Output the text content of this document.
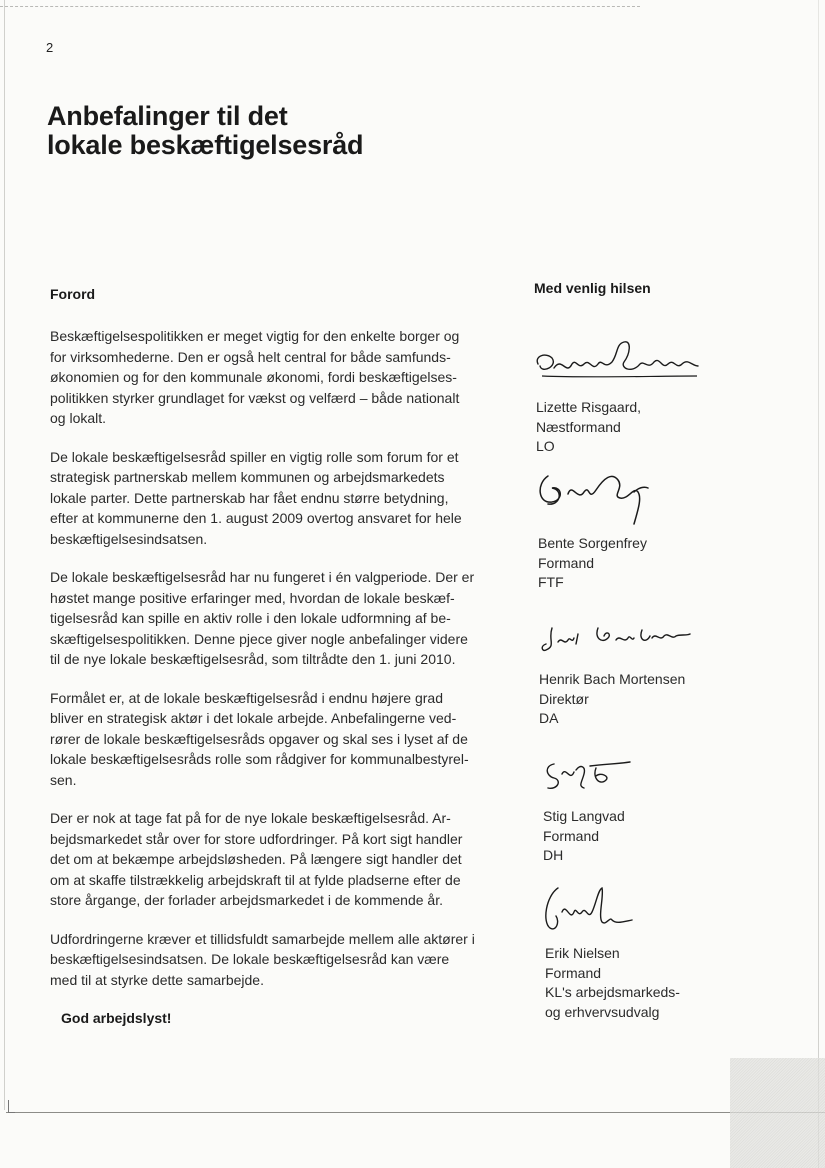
2
Anbefalinger til det
lokale beskæftigelsesråd
Forord

Beskæftigelsespolitikken er meget vigtig for den enkelte borger og for virksomhederne. Den er også helt central for både samfunds-økonomien og for den kommunale økonomi, fordi beskæftigelses-politikken styrker grundlaget for vækst og velfærd – både nationalt og lokalt.

De lokale beskæftigelsesråd spiller en vigtig rolle som forum for et strategisk partnerskab mellem kommunen og arbejdsmarkedets lokale parter. Dette partnerskab har fået endnu større betydning, efter at kommunerne den 1. august 2009 overtog ansvaret for hele beskæftigelsesindsatsen.

De lokale beskæftigelsesråd har nu fungeret i én valgperiode. Der er høstet mange positive erfaringer med, hvordan de lokale beskæf-tigelsesråd kan spille en aktiv rolle i den lokale udformning af be-skæftigelsespolitikken. Denne pjece giver nogle anbefalinger videre til de nye lokale beskæftigelsesråd, som tiltrådte den 1. juni 2010.

Formålet er, at de lokale beskæftigelsesråd i endnu højere grad bliver en strategisk aktør i det lokale arbejde. Anbefalingerne ved-rører de lokale beskæftigelsesråds opgaver og skal ses i lyset af de lokale beskæftigelsesråds rolle som rådgiver for kommunalbestyrel-sen.

Der er nok at tage fat på for de nye lokale beskæftigelsesråd. Ar-bejdsmarkedet står over for store udfordringer. På kort sigt handler det om at bekæmpe arbejdsløsheden. På længere sigt handler det om at skaffe tilstrækkelig arbejdskraft til at fylde pladserne efter de store årgange, der forlader arbejdsmarkedet i de kommende år.

Udfordringerne kræver et tillidsfuldt samarbejde mellem alle aktører i beskæftigelsesindsatsen. De lokale beskæftigelsesråd kan være med til at styrke dette samarbejde.

God arbejdslyst!

Med venlig hilsen

Lizette Risgaard,
Næstformand
LO
Bente Sorgenfrey
Formand
FTF
Henrik Bach Mortensen
Direktør
DA
Stig Langvad
Formand
DH
Erik Nielsen
Formand
KL's arbejdsmarkeds-
og erhvervsudvalg
